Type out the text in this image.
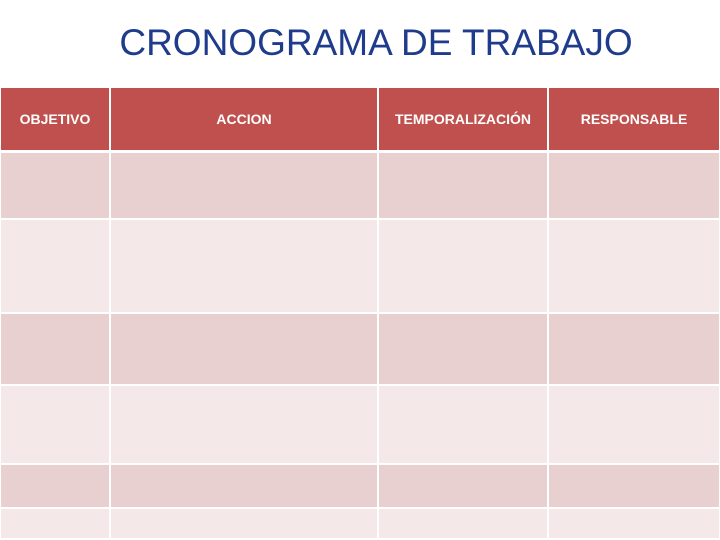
CRONOGRAMA DE TRABAJO
OBJETIVO	ACCION	TEMPORALIZACIÓN	RESPONSABLE
